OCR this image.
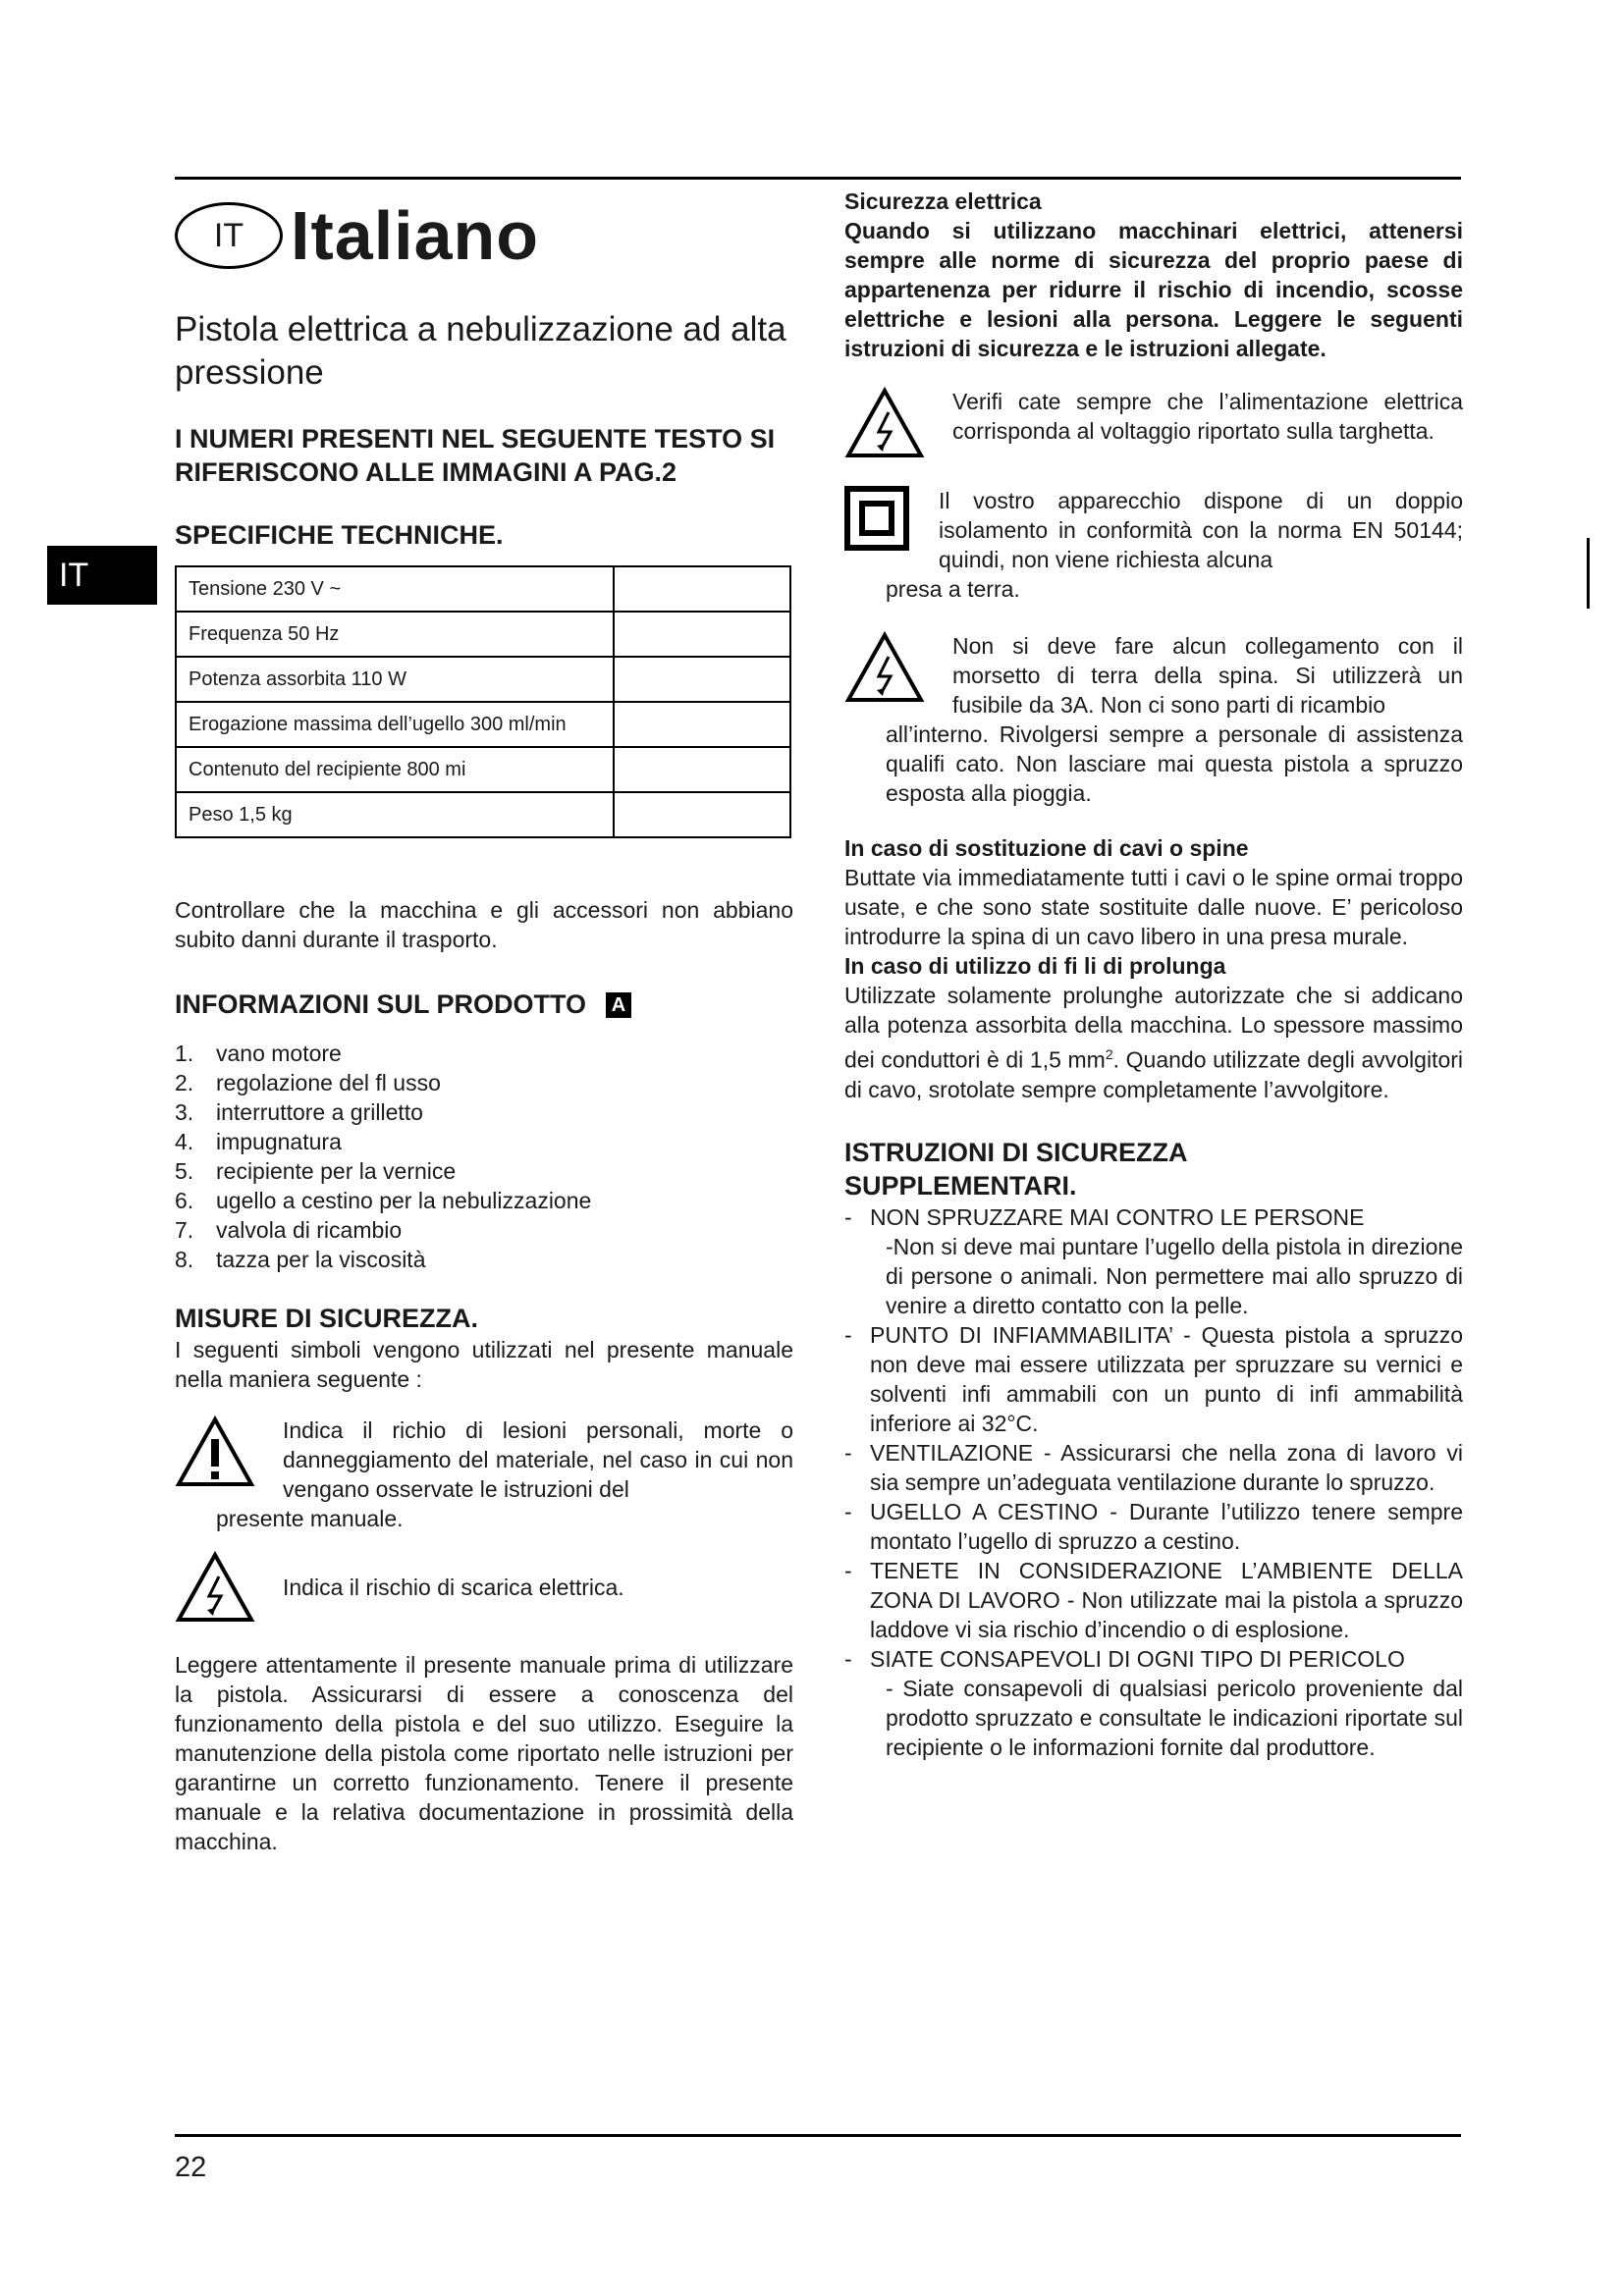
IT
IT Italiano
Pistola elettrica a nebulizzazione ad alta pressione

I NUMERI PRESENTI NEL SEGUENTE TESTO SI RIFERISCONO ALLE IMMAGINI A PAG.2

SPECIFICHE TECHNICHE.

Tensione 230 V ~	
Frequenza 50 Hz	
Potenza assorbita 110 W	
Erogazione massima dell’ugello 300 ml/min	
Contenuto del recipiente 800 mi	
Peso 1,5 kg	

Controllare che la macchina e gli accessori non abbiano subito danni durante il trasporto.

INFORMAZIONI SUL PRODOTTO A

1. vano motore
2. regolazione del fl usso
3. interruttore a grilletto
4. impugnatura
5. recipiente per la vernice
6. ugello a cestino per la nebulizzazione
7. valvola di ricambio
8. tazza per la viscosità

MISURE DI SICUREZZA.

I seguenti simboli vengono utilizzati nel presente manuale nella maniera seguente :

Indica il richio di lesioni personali, morte o danneggiamento del materiale, nel caso in cui non vengano osservate le istruzioni del

presente manuale.

Indica il rischio di scarica elettrica.

Leggere attentamente il presente manuale prima di utilizzare la pistola. Assicurarsi di essere a conoscenza del funzionamento della pistola e del suo utilizzo. Eseguire la manutenzione della pistola come riportato nelle istruzioni per garantirne un corretto funzionamento. Tenere il presente manuale e la relativa documentazione in prossimità della macchina.

Sicurezza elettrica

Quando si utilizzano macchinari elettrici, attenersi sempre alle norme di sicurezza del proprio paese di appartenenza per ridurre il rischio di incendio, scosse elettriche e lesioni alla persona. Leggere le seguenti istruzioni di sicurezza e le istruzioni allegate.

Verifi cate sempre che l’alimentazione elettrica corrisponda al voltaggio riportato sulla targhetta.

Il vostro apparecchio dispone di un doppio isolamento in conformità con la norma EN 50144; quindi, non viene richiesta alcuna

presa a terra.

Non si deve fare alcun collegamento con il morsetto di terra della spina. Si utilizzerà un fusibile da 3A. Non ci sono parti di ricambio

all’interno. Rivolgersi sempre a personale di assistenza qualifi cato. Non lasciare mai questa pistola a spruzzo esposta alla pioggia.

In caso di sostituzione di cavi o spine

Buttate via immediatamente tutti i cavi o le spine ormai troppo usate, e che sono state sostituite dalle nuove. E’ pericoloso introdurre la spina di un cavo libero in una presa murale.

In caso di utilizzo di fi li di prolunga

Utilizzate solamente prolunghe autorizzate che si addicano alla potenza assorbita della macchina. Lo spessore massimo dei conduttori è di 1,5 $mm^2$. Quando utilizzate degli avvolgitori di cavo, srotolate sempre completamente l’avvolgitore.

ISTRUZIONI DI SICUREZZA
SUPPLEMENTARI.

- NON SPRUZZARE MAI CONTRO LE PERSONE
-Non si deve mai puntare l’ugello della pistola in direzione di persone o animali. Non permettere mai allo spruzzo di venire a diretto contatto con la pelle.
- PUNTO DI INFIAMMABILITA’ - Questa pistola a spruzzo non deve mai essere utilizzata per spruzzare su vernici e solventi infi ammabili con un punto di infi ammabilità inferiore ai 32°C.
- VENTILAZIONE - Assicurarsi che nella zona di lavoro vi sia sempre un’adeguata ventilazione durante lo spruzzo.
- UGELLO A CESTINO - Durante l’utilizzo tenere sempre montato l’ugello di spruzzo a cestino.
- TENETE IN CONSIDERAZIONE L’AMBIENTE DELLA ZONA DI LAVORO - Non utilizzate mai la pistola a spruzzo laddove vi sia rischio d’incendio o di esplosione.
- SIATE CONSAPEVOLI DI OGNI TIPO DI PERICOLO
- Siate consapevoli di qualsiasi pericolo proveniente dal prodotto spruzzato e consultate le indicazioni riportate sul recipiente o le informazioni fornite dal produttore.
22
